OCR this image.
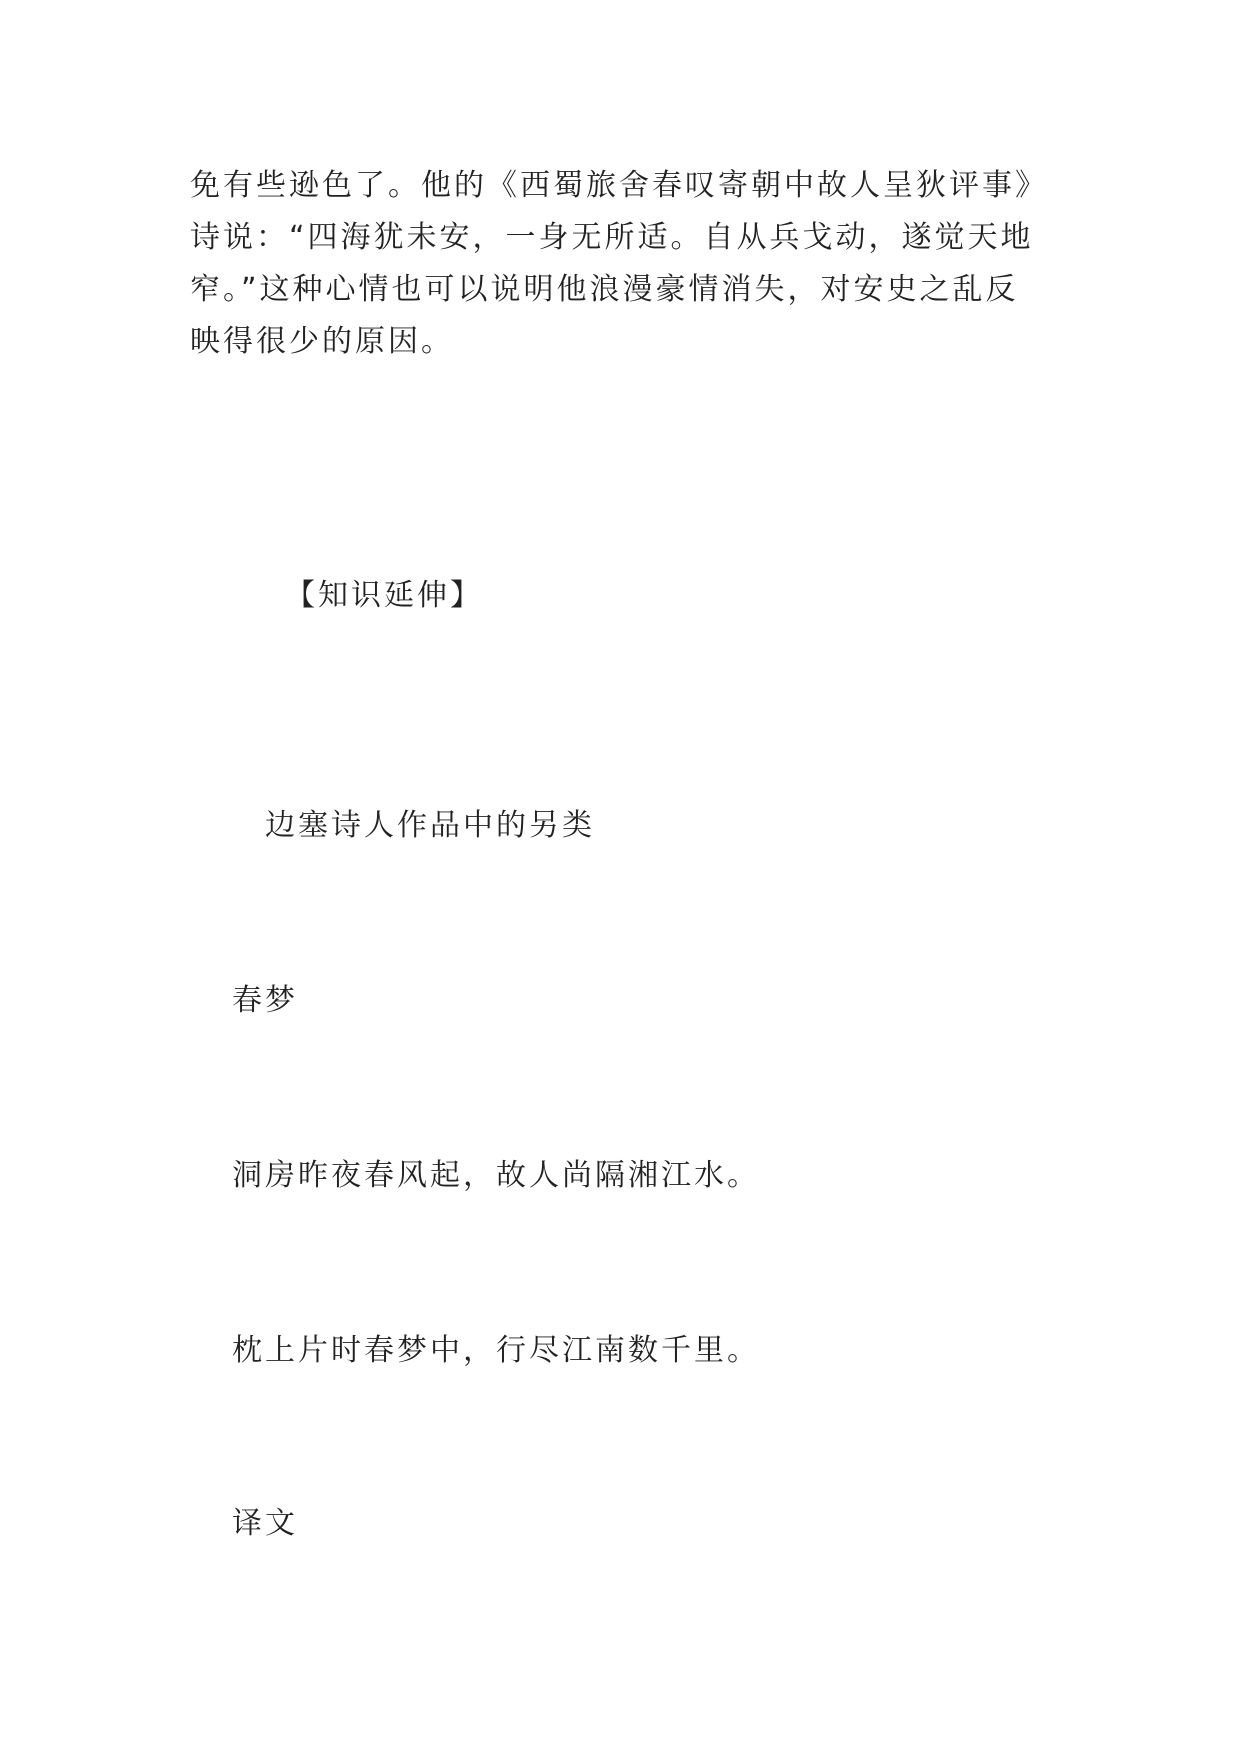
免有些逊色了。他的《西蜀旅舍春叹寄朝中故人呈狄评事》
诗说：“四海犹未安，一身无所适。自从兵戈动，遂觉天地
窄。”这种心情也可以说明他浪漫豪情消失，对安史之乱反
映得很少的原因。

【知识延伸】
边塞诗人作品中的另类
春梦
洞房昨夜春风起，故人尚隔湘江水。
枕上片时春梦中，行尽江南数千里。
译文
